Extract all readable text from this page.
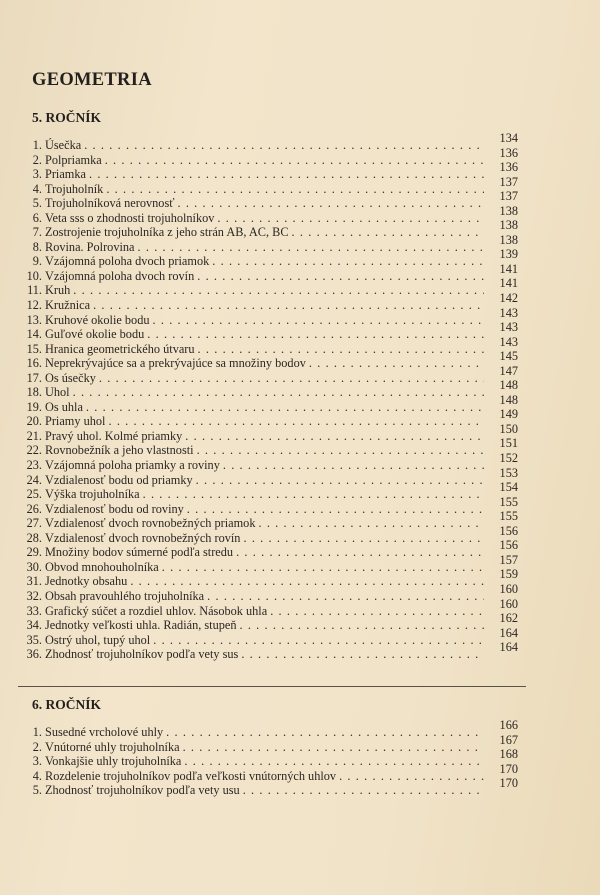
GEOMETRIA
5. ROČNÍK
1. Úsečka . . .	134
2. Polpriamka . . .	136
3. Priamka . . .	136
4. Trojuholník . . .	137
5. Trojuholníková nerovnosť . . .	137
6. Veta sss o zhodnosti trojuholníkov . . .	138
7. Zostrojenie trojuholníka z jeho strán AB, AC, BC . . .	138
8. Rovina. Polrovina . . .	138
9. Vzájomná poloha dvoch priamok . . .	139
10. Vzájomná poloha dvoch rovín . . .	141
11. Kruh . . .	141
12. Kružnica . . .	142
13. Kruhové okolie bodu . . .	143
14. Guľové okolie bodu . . .	143
15. Hranica geometrického útvaru . . .	143
16. Neprekrývajúce sa a prekrývajúce sa množiny bodov . . .	145
17. Os úsečky . . .	147
18. Uhol . . .	148
19. Os uhla . . .	148
20. Priamy uhol . . .	149
21. Pravý uhol. Kolmé priamky . . .	150
22. Rovnobežník a jeho vlastnosti . . .	151
23. Vzájomná poloha priamky a roviny . . .	152
24. Vzdialenosť bodu od priamky . . .	153
25. Výška trojuholníka . . .	154
26. Vzdialenosť bodu od roviny . . .	155
27. Vzdialenosť dvoch rovnobežných priamok . . .	155
28. Vzdialenosť dvoch rovnobežných rovín . . .	156
29. Množiny bodov súmerné podľa stredu . . .	156
30. Obvod mnohouholníka . . .	157
31. Jednotky obsahu . . .	159
32. Obsah pravouhlého trojuholníka . . .	160
33. Grafický súčet a rozdiel uhlov. Násobok uhla . . .	160
34. Jednotky veľkosti uhla. Radián, stupeň . . .	162
35. Ostrý uhol, tupý uhol . . .	164
36. Zhodnosť trojuholníkov podľa vety sus . . .	164
6. ROČNÍK
1. Susedné vrcholové uhly . . .	166
2. Vnútorné uhly trojuholníka . . .	167
3. Vonkajšie uhly trojuholníka . . .	168
4. Rozdelenie trojuholníkov podľa veľkosti vnútorných uhlov . . .	170
5. Zhodnosť trojuholníkov podľa vety usu . . .	170
